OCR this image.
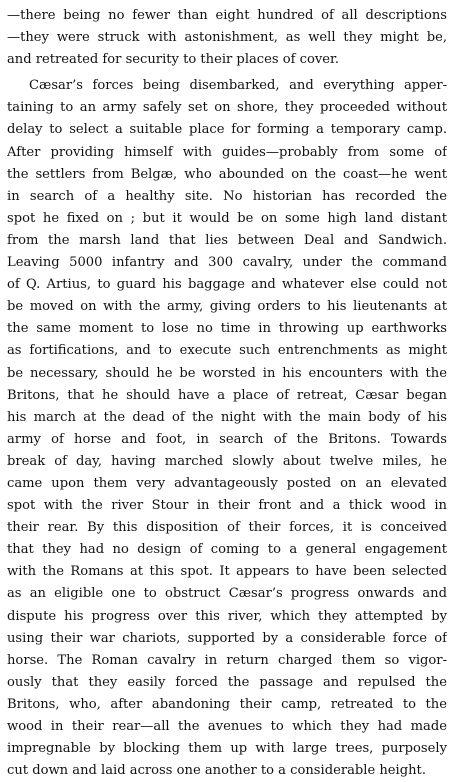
—there being no fewer than eight hundred of all descriptions
—they were struck with astonishment, as well they might be,
and retreated for security to their places of cover.
Cæsar’s forces being disembarked, and everything apper-
taining to an army safely set on shore, they proceeded without
delay to select a suitable place for forming a temporary camp.
After providing himself with guides—probably from some of
the settlers from Belgæ, who abounded on the coast—he went
in search of a healthy site. No historian has recorded the
spot he fixed on ; but it would be on some high land distant
from the marsh land that lies between Deal and Sandwich.
Leaving 5000 infantry and 300 cavalry, under the command
of Q. Artius, to guard his baggage and whatever else could not
be moved on with the army, giving orders to his lieutenants at
the same moment to lose no time in throwing up earthworks
as fortifications, and to execute such entrenchments as might
be necessary, should he be worsted in his encounters with the
Britons, that he should have a place of retreat, Cæsar began
his march at the dead of the night with the main body of his
army of horse and foot, in search of the Britons. Towards
break of day, having marched slowly about twelve miles, he
came upon them very advantageously posted on an elevated
spot with the river Stour in their front and a thick wood in
their rear. By this disposition of their forces, it is conceived
that they had no design of coming to a general engagement
with the Romans at this spot. It appears to have been selected
as an eligible one to obstruct Cæsar’s progress onwards and
dispute his progress over this river, which they attempted by
using their war chariots, supported by a considerable force of
horse. The Roman cavalry in return charged them so vigor-
ously that they easily forced the passage and repulsed the
Britons, who, after abandoning their camp, retreated to the
wood in their rear—all the avenues to which they had made
impregnable by blocking them up with large trees, purposely
cut down and laid across one another to a considerable height.
